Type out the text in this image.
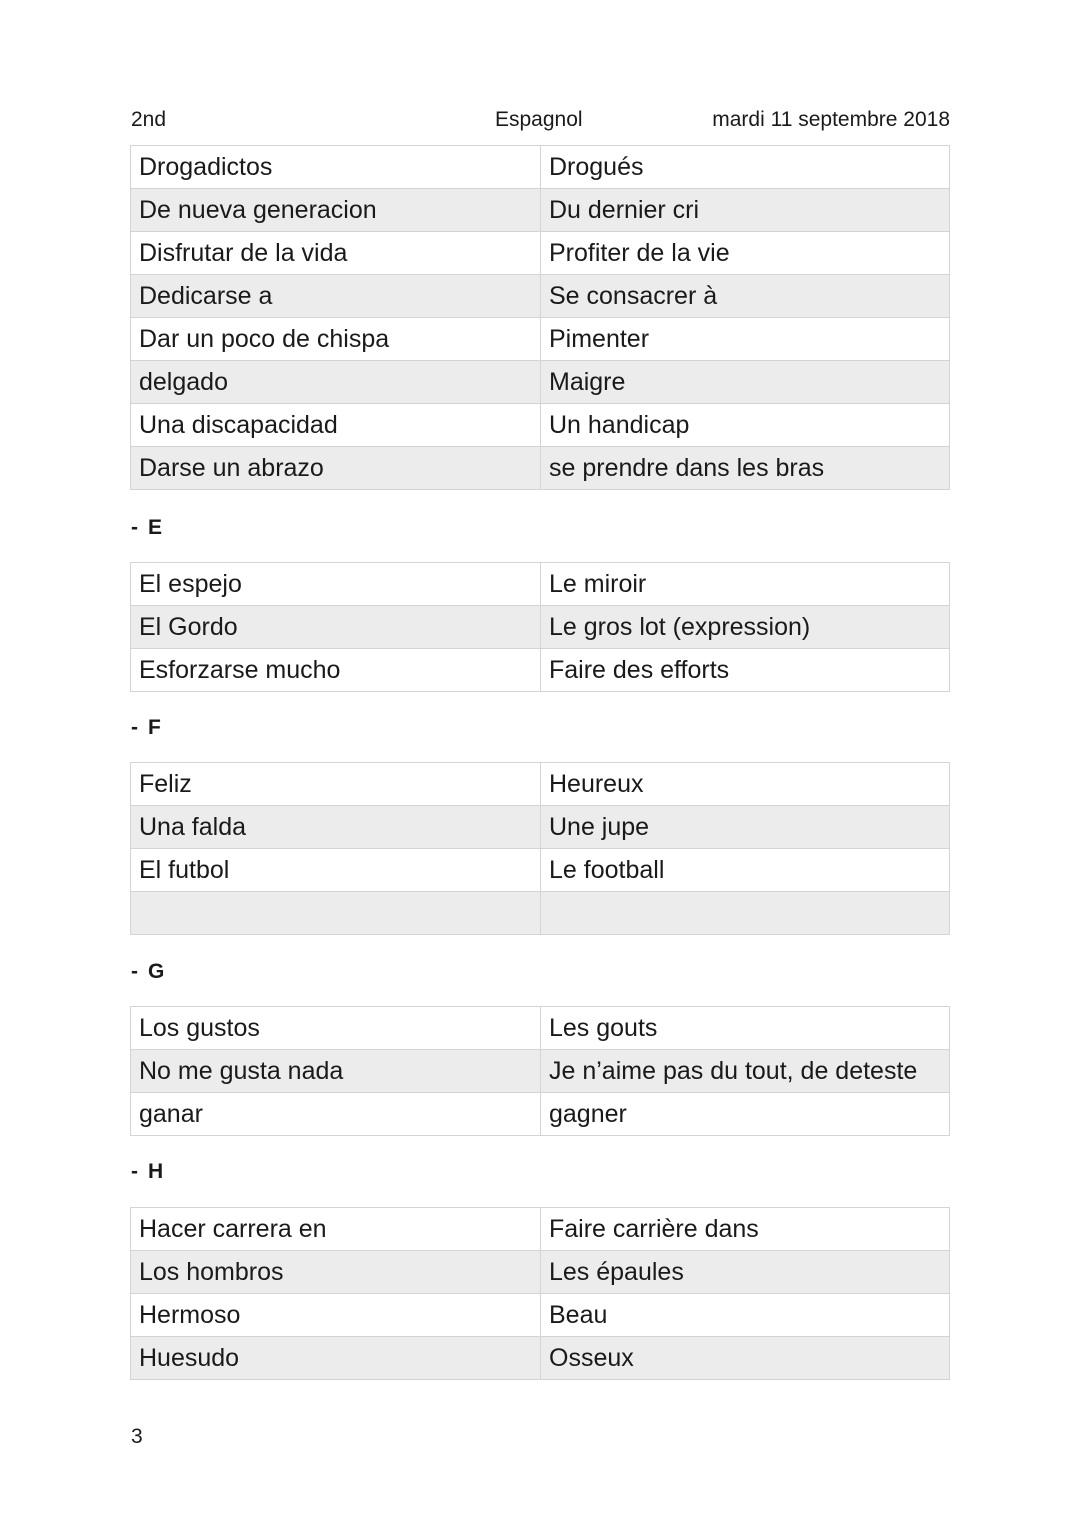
2nd	Espagnol	mardi 11 septembre 2018
Drogadictos	Drogués
De nueva generacion	Du dernier cri
Disfrutar de la vida	Profiter de la vie
Dedicarse a	Se consacrer à
Dar un poco de chispa	Pimenter
delgado	Maigre
Una discapacidad	Un handicap
Darse un abrazo	se prendre dans les bras
- E
El espejo	Le miroir
El Gordo	Le gros lot (expression)
Esforzarse mucho	Faire des efforts
- F
Feliz	Heureux
Una falda	Une jupe
El futbol	Le football

- G
Los gustos	Les gouts
No me gusta nada	Je n’aime pas du tout, de deteste
ganar	gagner
- H
Hacer carrera en	Faire carrière dans
Los hombros	Les épaules
Hermoso	Beau
Huesudo	Osseux
3
